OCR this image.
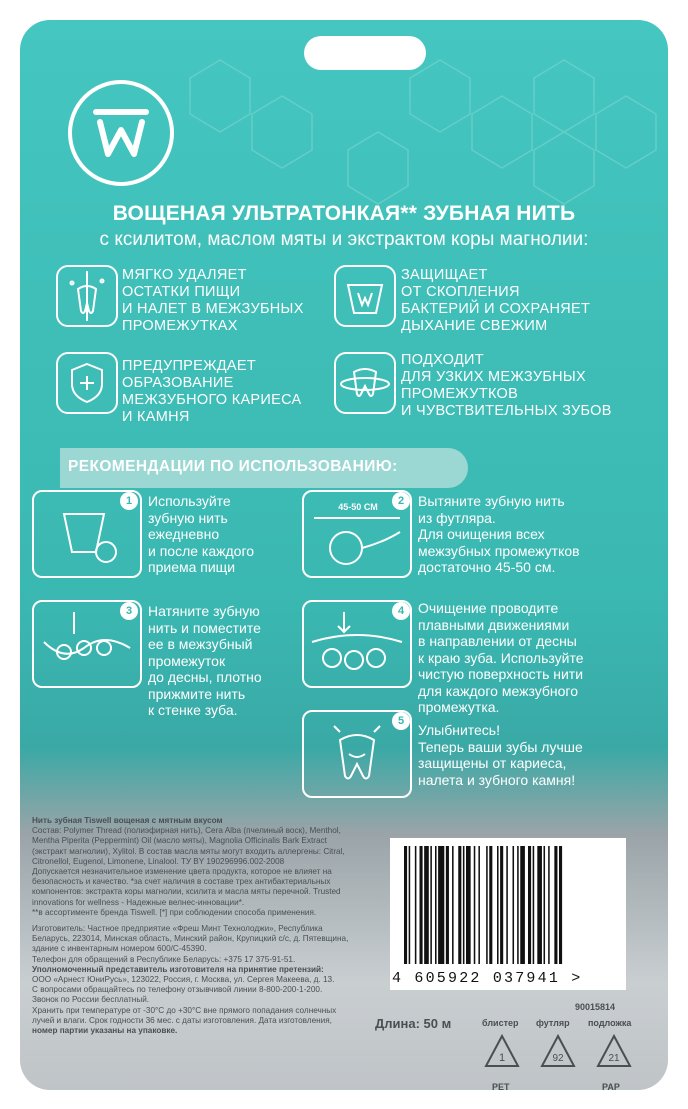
ВОЩЕНАЯ УЛЬТРАТОНКАЯ** ЗУБНАЯ НИТЬ
с ксилитом, маслом мяты и экстрактом коры магнолии:
МЯГКО УДАЛЯЕТ
ОСТАТКИ ПИЩИ
И НАЛЕТ В МЕЖЗУБНЫХ
ПРОМЕЖУТКАХ
ЗАЩИЩАЕТ
ОТ СКОПЛЕНИЯ
БАКТЕРИЙ И СОХРАНЯЕТ
ДЫХАНИЕ СВЕЖИМ
ПРЕДУПРЕЖДАЕТ
ОБРАЗОВАНИЕ
МЕЖЗУБНОГО КАРИЕСА
И КАМНЯ
ПОДХОДИТ
ДЛЯ УЗКИХ МЕЖЗУБНЫХ
ПРОМЕЖУТКОВ
И ЧУВСТВИТЕЛЬНЫХ ЗУБОВ
РЕКОМЕНДАЦИИ ПО ИСПОЛЬЗОВАНИЮ:
1	Используйте
зубную нить
ежедневно
и после каждого
приема пищи
45-50 СМ	2 Вытяните зубную нить
из футляра.
Для очищения всех
межзубных промежутков
достаточно 45-50 см.
3	Натяните зубную
нить и поместите
ее в межзубный
промежуток
до десны, плотно
прижмите нить
к стенке зуба.
4 Очищение проводите
плавными движениями
в направлении от десны
к краю зуба. Используйте
чистую поверхность нити
для каждого межзубного
промежутка.
5
Улыбнитесь!
Теперь ваши зубы лучше
защищены от кариеса,
налета и зубного камня!
Нить зубная Tiswell вощеная с мятным вкусом
Состав: Polymer Thread (полиэфирная нить), Cera Alba (пчелиный воск), Menthol,
Mentha Piperita (Peppermint) Oil (масло мяты), Magnolia Officinalis Bark Extract
(экстракт магнолии), Xylitol. В состав масла мяты могут входить аллергены: Citral,
Citronellol, Eugenol, Limonene, Linalool. ТУ BY 190296996.002-2008
Допускается незначительное изменение цвета продукта, которое не влияет на
безопасность и качество. *за счет наличия в составе трех антибактериальных
компонентов: экстракта коры магнолии, ксилита и масла мяты перечной. Trusted
innovations for wellness - Надежные велнес-инновации*.
**в ассортименте бренда Tiswell. [*] при соблюдении способа применения.
Изготовитель: Частное предприятие «Фреш Минт Технолоджи», Республика
Беларусь, 223014, Минская область, Минский район, Крупицкий с/с, д. Пятевщина,
здание с инвентарным номером 600/С-45390.
Телефон для обращений в Республике Беларусь: +375 17 375-91-51.
Уполномоченный представитель изготовителя на принятие претензий:
ООО «Арнест ЮниРусь», 123022, Россия, г. Москва, ул. Сергея Макеева, д. 13.
С вопросами обращайтесь по телефону отзывчивой линии 8-800-200-1-200.
Звонок по России бесплатный.
Хранить при температуре от -30°С до +30°С вне прямого попадания солнечных
лучей и влаги. Срок годности 36 мес. с даты изготовления. Дата изготовления,
номер партии указаны на упаковке.
4 605922 037941 >
90015814
Длина: 50 м	блистер футляр подложка
1	92	21
PET	PAP
